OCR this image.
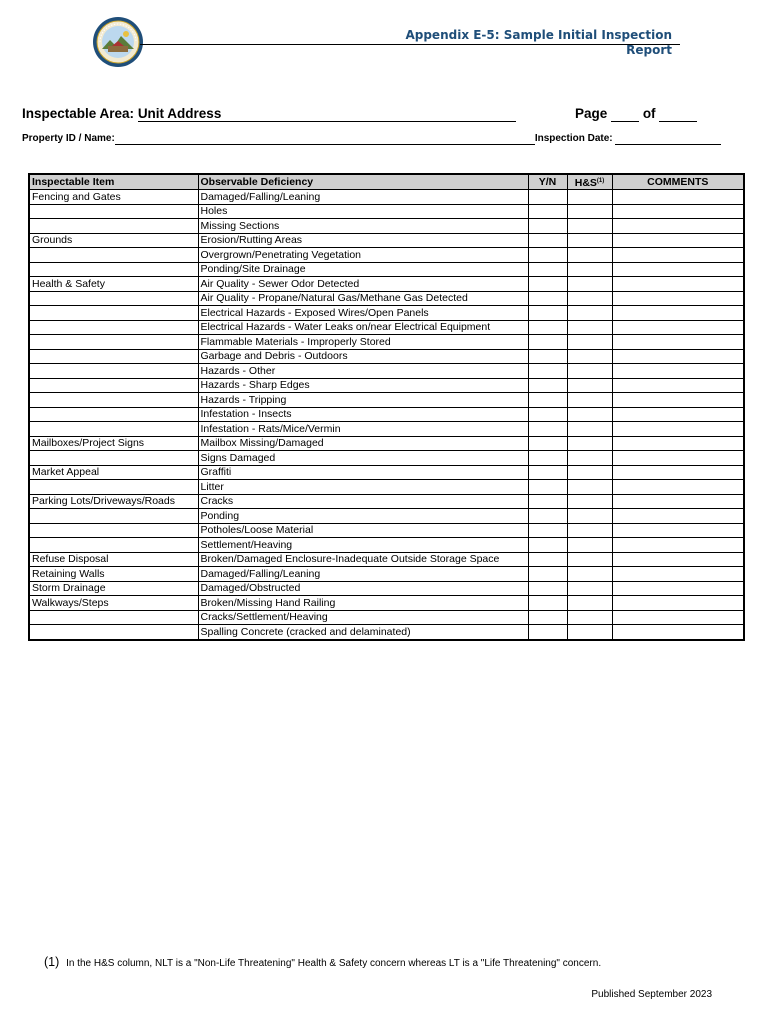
Appendix E-5: Sample Initial Inspection
Report
Inspectable Area: Unit Address	Page	of
Property ID / Name:	Inspection Date:
Inspectable Item	Observable Deficiency	Y/N	$H\&S^{(1)}$	COMMENTS
Fencing and Gates	Damaged/Falling/Leaning			
	Holes			
	Missing Sections			
Grounds	Erosion/Rutting Areas			
	Overgrown/Penetrating Vegetation			
	Ponding/Site Drainage			
Health & Safety	Air Quality - Sewer Odor Detected			
	Air Quality - Propane/Natural Gas/Methane Gas Detected			
	Electrical Hazards - Exposed Wires/Open Panels			
	Electrical Hazards - Water Leaks on/near Electrical Equipment			
	Flammable Materials - Improperly Stored			
	Garbage and Debris - Outdoors			
	Hazards - Other			
	Hazards - Sharp Edges			
	Hazards - Tripping			
	Infestation - Insects			
	Infestation - Rats/Mice/Vermin			
Mailboxes/Project Signs	Mailbox Missing/Damaged			
	Signs Damaged			
Market Appeal	Graffiti			
	Litter			
Parking Lots/Driveways/Roads	Cracks			
	Ponding			
	Potholes/Loose Material			
	Settlement/Heaving			
Refuse Disposal	Broken/Damaged Enclosure-Inadequate Outside Storage Space			
Retaining Walls	Damaged/Falling/Leaning			
Storm Drainage	Damaged/Obstructed			
Walkways/Steps	Broken/Missing Hand Railing			
	Cracks/Settlement/Heaving			
	Spalling Concrete (cracked and delaminated)			
(1) In the H&S column, NLT is a "Non-Life Threatening" Health & Safety concern whereas LT is a "Life Threatening" concern.
Published September 2023
